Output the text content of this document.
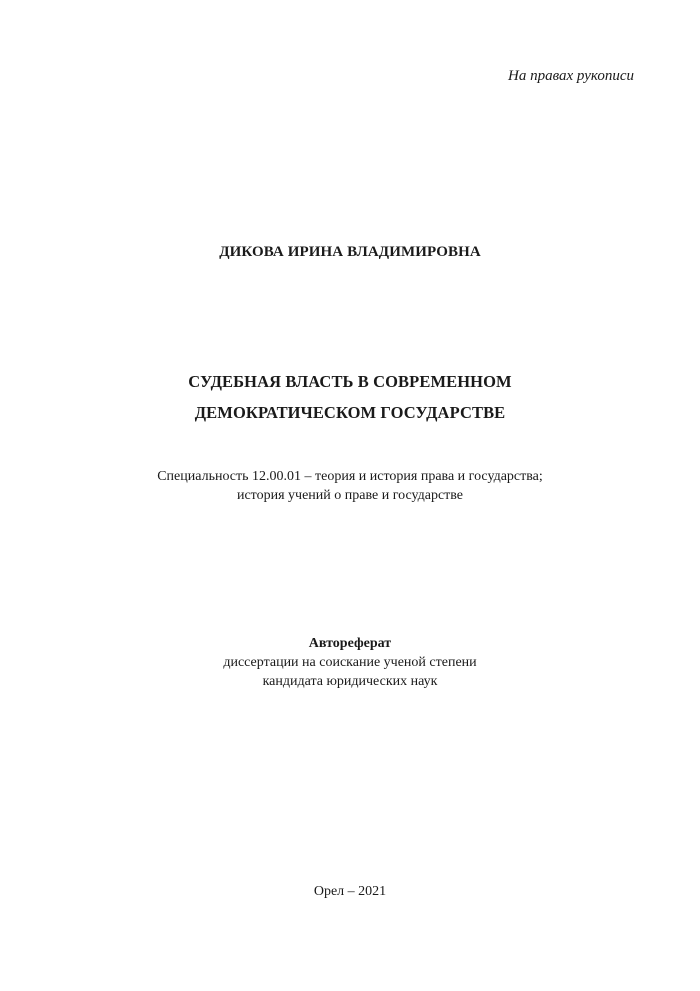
На правах рукописи
ДИКОВА ИРИНА ВЛАДИМИРОВНА
СУДЕБНАЯ ВЛАСТЬ В СОВРЕМЕННОМ
ДЕМОКРАТИЧЕСКОМ ГОСУДАРСТВЕ
Специальность 12.00.01 – теория и история права и государства;
история учений о праве и государстве
Автореферат
диссертации на соискание ученой степени
кандидата юридических наук
Орел – 2021
